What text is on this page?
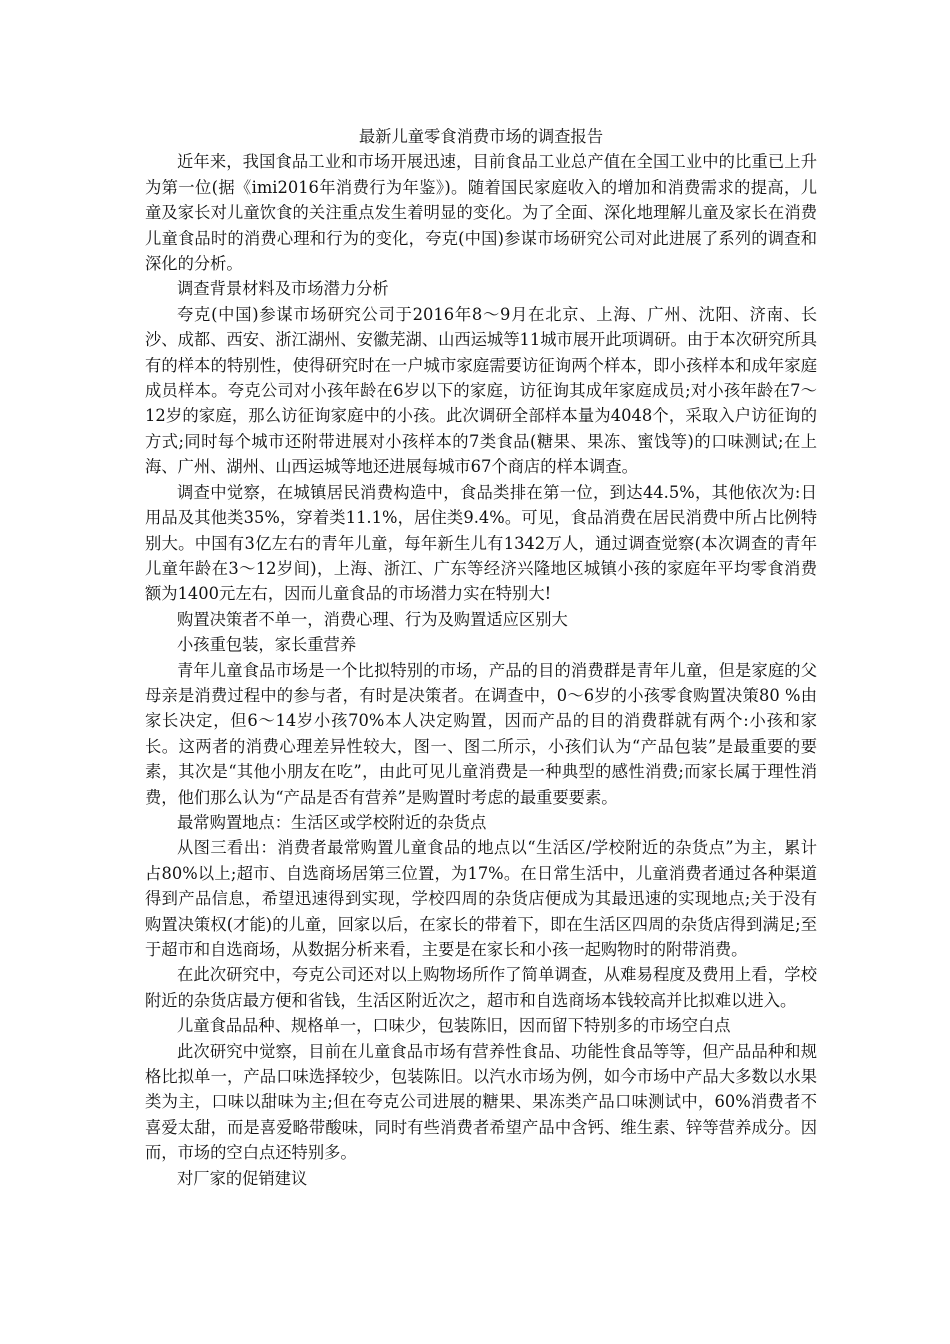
最新儿童零食消费市场的调查报告

近年来，我国食品工业和市场开展迅速，目前食品工业总产值在全国工业中的比重已上升为第一位(据《imi2016年消费行为年鉴》)。随着国民家庭收入的增加和消费需求的提高，儿童及家长对儿童饮食的关注重点发生着明显的变化。为了全面、深化地理解儿童及家长在消费儿童食品时的消费心理和行为的变化，夸克(中国)参谋市场研究公司对此进展了系列的调查和深化的分析。

调查背景材料及市场潜力分析

夸克(中国)参谋市场研究公司于2016年8～9月在北京、上海、广州、沈阳、济南、长沙、成都、西安、浙江湖州、安徽芜湖、山西运城等11城市展开此项调研。由于本次研究所具有的样本的特别性，使得研究时在一户城市家庭需要访征询两个样本，即小孩样本和成年家庭成员样本。夸克公司对小孩年龄在6岁以下的家庭，访征询其成年家庭成员;对小孩年龄在7～12岁的家庭，那么访征询家庭中的小孩。此次调研全部样本量为4048个，采取入户访征询的方式;同时每个城市还附带进展对小孩样本的7类食品(糖果、果冻、蜜饯等)的口味测试;在上海、广州、湖州、山西运城等地还进展每城市67个商店的样本调查。

调查中觉察，在城镇居民消费构造中，食品类排在第一位，到达44.5%，其他依次为:日用品及其他类35%，穿着类11.1%，居住类9.4%。可见，食品消费在居民消费中所占比例特别大。中国有3亿左右的青年儿童，每年新生儿有1342万人，通过调查觉察(本次调查的青年儿童年龄在3～12岁间)，上海、浙江、广东等经济兴隆地区城镇小孩的家庭年平均零食消费额为1400元左右，因而儿童食品的市场潜力实在特别大!

购置决策者不单一，消费心理、行为及购置适应区别大

小孩重包装，家长重营养

青年儿童食品市场是一个比拟特别的市场，产品的目的消费群是青年儿童，但是家庭的父母亲是消费过程中的参与者，有时是决策者。在调查中，0～6岁的小孩零食购置决策80 %由家长决定，但6～14岁小孩70%本人决定购置，因而产品的目的消费群就有两个:小孩和家长。这两者的消费心理差异性较大，图一、图二所示，小孩们认为“产品包装”是最重要的要素，其次是“其他小朋友在吃”，由此可见儿童消费是一种典型的感性消费;而家长属于理性消费，他们那么认为“产品是否有营养”是购置时考虑的最重要要素。

最常购置地点：生活区或学校附近的杂货点

从图三看出：消费者最常购置儿童食品的地点以“生活区/学校附近的杂货点”为主，累计占80%以上;超市、自选商场居第三位置，为17%。在日常生活中，儿童消费者通过各种渠道得到产品信息，希望迅速得到实现，学校四周的杂货店便成为其最迅速的实现地点;关于没有购置决策权(才能)的儿童，回家以后，在家长的带着下，即在生活区四周的杂货店得到满足;至于超市和自选商场，从数据分析来看，主要是在家长和小孩一起购物时的附带消费。

在此次研究中，夸克公司还对以上购物场所作了简单调查，从难易程度及费用上看，学校附近的杂货店最方便和省钱，生活区附近次之，超市和自选商场本钱较高并比拟难以进入。

儿童食品品种、规格单一，口味少，包装陈旧，因而留下特别多的市场空白点

此次研究中觉察，目前在儿童食品市场有营养性食品、功能性食品等等，但产品品种和规格比拟单一，产品口味选择较少，包装陈旧。以汽水市场为例，如今市场中产品大多数以水果类为主，口味以甜味为主;但在夸克公司进展的糖果、果冻类产品口味测试中，60%消费者不喜爱太甜，而是喜爱略带酸味，同时有些消费者希望产品中含钙、维生素、锌等营养成分。因而，市场的空白点还特别多。

对厂家的促销建议
